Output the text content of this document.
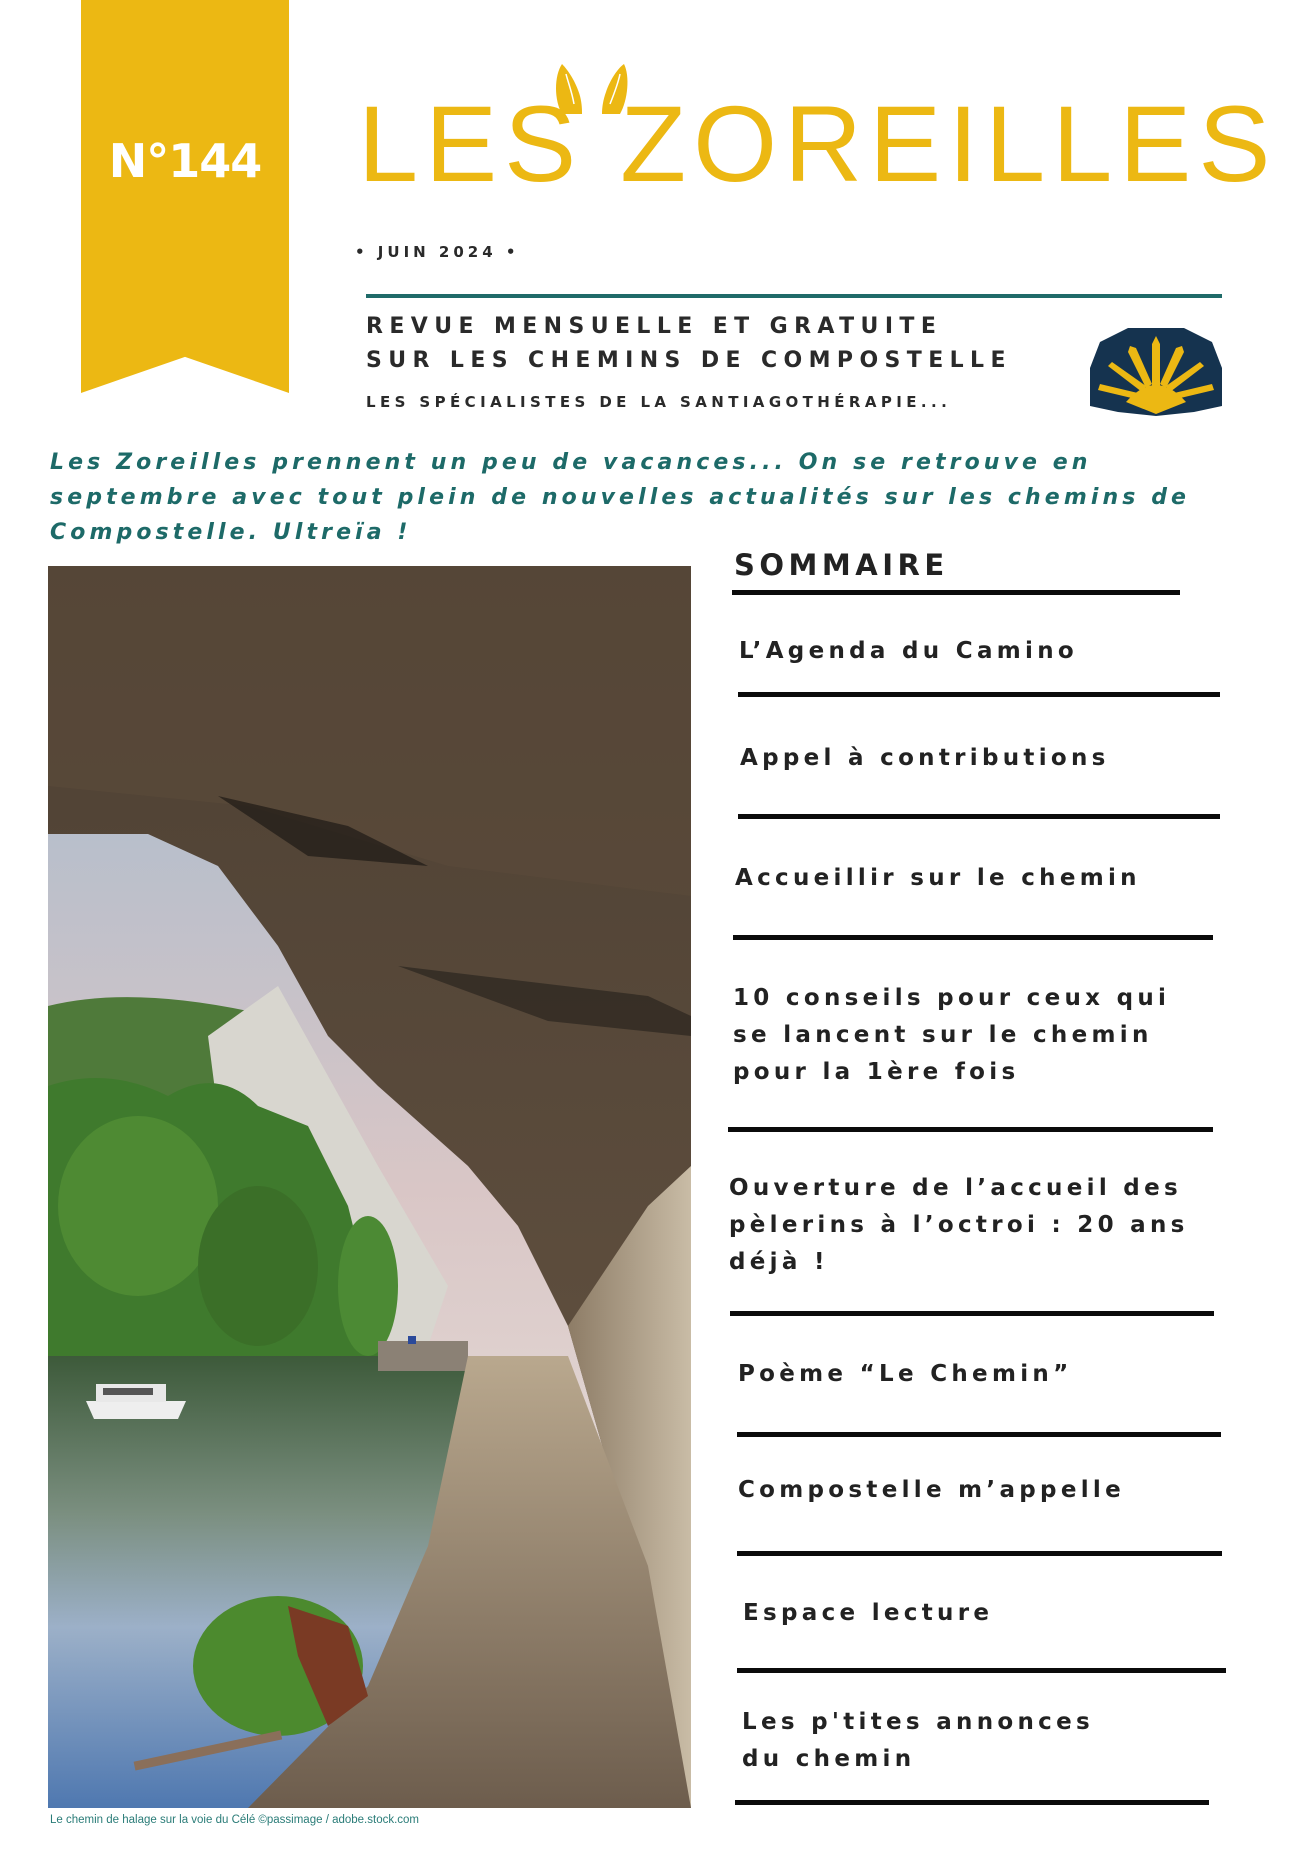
N°144 LES ZOREILLES
• JUIN 2024 •
REVUE MENSUELLE ET GRATUITE
SUR LES CHEMINS DE COMPOSTELLE
LES SPÉCIALISTES DE LA SANTIAGOTHÉRAPIE...
Les Zoreilles prennent un peu de vacances... On se retrouve en
septembre avec tout plein de nouvelles actualités sur les chemins de
Compostelle. Ultreïa !
Le chemin de halage sur la voie du Célé ©passimage / adobe.stock.com
SOMMAIRE
L’Agenda du Camino
Appel à contributions
Accueillir sur le chemin
10 conseils pour ceux qui
se lancent sur le chemin
pour la 1ère fois
Ouverture de l’accueil des
pèlerins à l’octroi : 20 ans
déjà !
Poème “Le Chemin”
Compostelle m’appelle
Espace lecture
Les p'tites annonces
du chemin
